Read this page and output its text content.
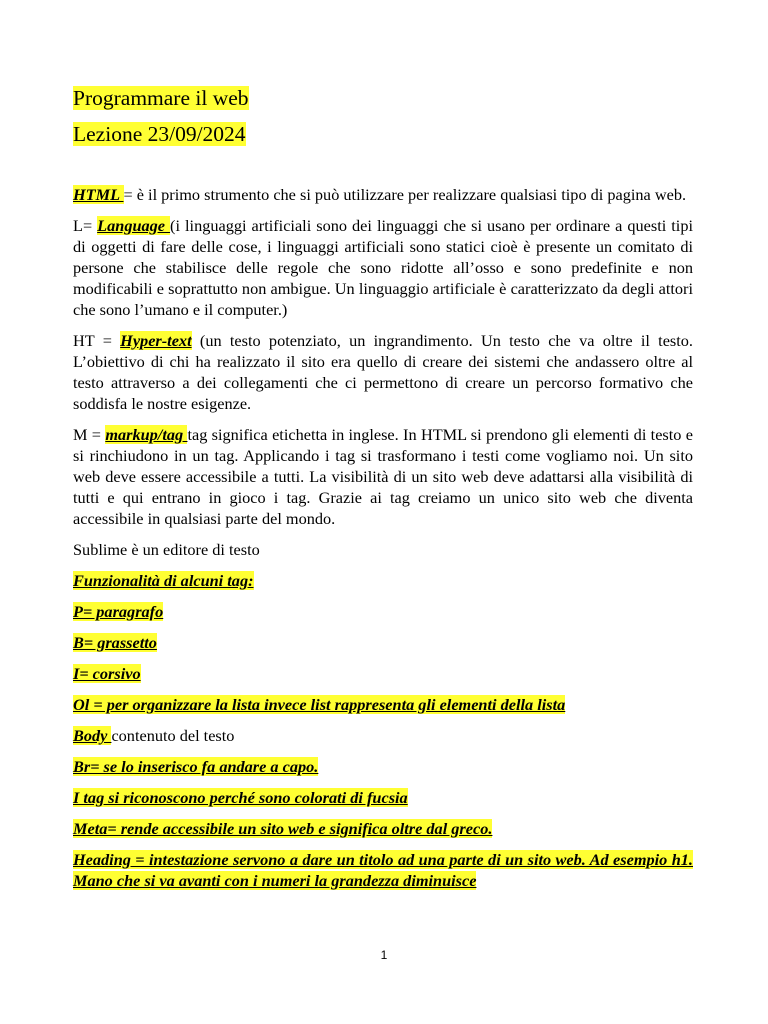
Programmare il web
Lezione 23/09/2024

HTML = è il primo strumento che si può utilizzare per realizzare qualsiasi tipo di pagina web.

L= Language (i linguaggi artificiali sono dei linguaggi che si usano per ordinare a questi tipi di oggetti di fare delle cose, i linguaggi artificiali sono statici cioè è presente un comitato di persone che stabilisce delle regole che sono ridotte all’osso e sono predefinite e non modificabili e soprattutto non ambigue. Un linguaggio artificiale è caratterizzato da degli attori che sono l’umano e il computer.)

HT = Hyper-text (un testo potenziato, un ingrandimento. Un testo che va oltre il testo. L’obiettivo di chi ha realizzato il sito era quello di creare dei sistemi che andassero oltre al testo attraverso a dei collegamenti che ci permettono di creare un percorso formativo che soddisfa le nostre esigenze.

M = markup/tag tag significa etichetta in inglese. In HTML si prendono gli elementi di testo e si rinchiudono in un tag. Applicando i tag si trasformano i testi come vogliamo noi. Un sito web deve essere accessibile a tutti. La visibilità di un sito web deve adattarsi alla visibilità di tutti e qui entrano in gioco i tag. Grazie ai tag creiamo un unico sito web che diventa accessibile in qualsiasi parte del mondo.

Sublime è un editore di testo

Funzionalità di alcuni tag:

P= paragrafo

B= grassetto

I= corsivo

Ol = per organizzare la lista invece list rappresenta gli elementi della lista

Body contenuto del testo

Br= se lo inserisco fa andare a capo.

I tag si riconoscono perché sono colorati di fucsia

Meta= rende accessibile un sito web e significa oltre dal greco.

Heading = intestazione servono a dare un titolo ad una parte di un sito web. Ad esempio h1. Mano che si va avanti con i numeri la grandezza diminuisce

1
